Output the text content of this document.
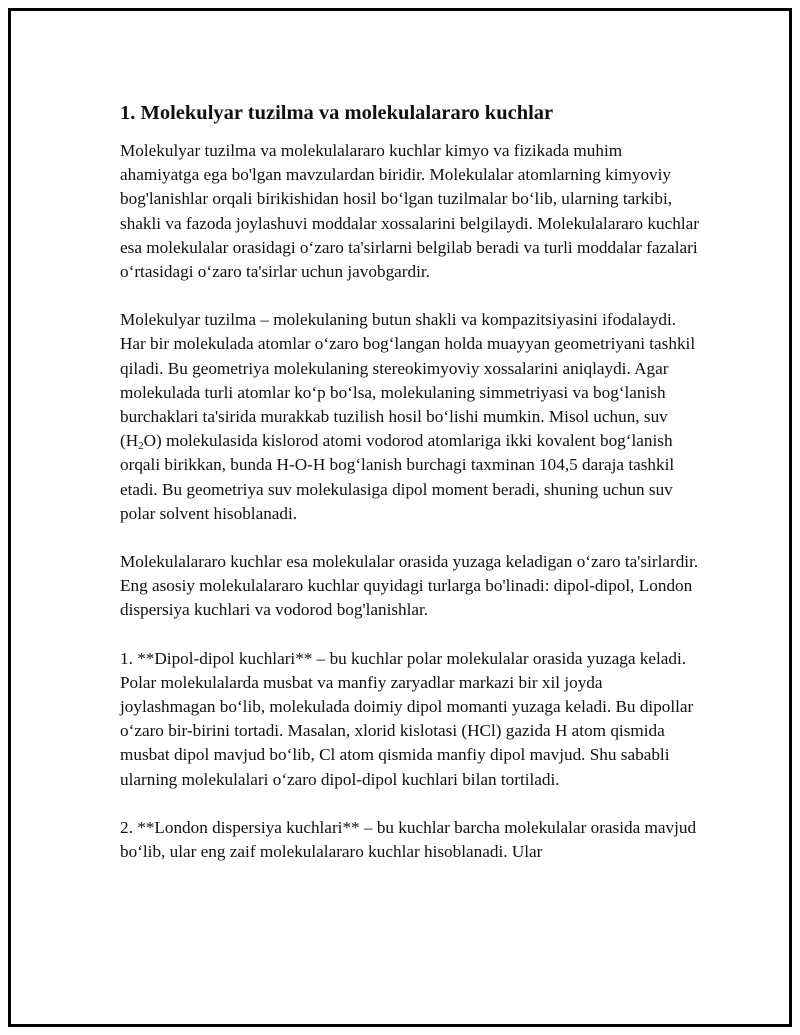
1. Molekulyar tuzilma va molekulalararo kuchlar

Molekulyar tuzilma va molekulalararo kuchlar kimyo va fizikada muhim ahamiyatga ega bo'lgan mavzulardan biridir. Molekulalar atomlarning kimyoviy bog'lanishlar orqali birikishidan hosil bo‘lgan tuzilmalar bo‘lib, ularning tarkibi, shakli va fazoda joylashuvi moddalar xossalarini belgilaydi. Molekulalararo kuchlar esa molekulalar orasidagi o‘zaro ta'sirlarni belgilab beradi va turli moddalar fazalari o‘rtasidagi o‘zaro ta'sirlar uchun javobgardir.

Molekulyar tuzilma – molekulaning butun shakli va kompazitsiyasini ifodalaydi. Har bir molekulada atomlar o‘zaro bog‘langan holda muayyan geometriyani tashkil qiladi. Bu geometriya molekulaning stereokimyoviy xossalarini aniqlaydi. Agar molekulada turli atomlar ko‘p bo‘lsa, molekulaning simmetriyasi va bog‘lanish burchaklari ta'sirida murakkab tuzilish hosil bo‘lishi mumkin. Misol uchun, suv $(H_2O)$ molekulasida kislorod atomi vodorod atomlariga ikki kovalent bog‘lanish orqali birikkan, bunda H-O-H bog‘lanish burchagi taxminan 104,5 daraja tashkil etadi. Bu geometriya suv molekulasiga dipol moment beradi, shuning uchun suv polar solvent hisoblanadi.

Molekulalararo kuchlar esa molekulalar orasida yuzaga keladigan o‘zaro ta'sirlardir. Eng asosiy molekulalararo kuchlar quyidagi turlarga bo'linadi: dipol-dipol, London dispersiya kuchlari va vodorod bog'lanishlar.

1. **Dipol-dipol kuchlari** – bu kuchlar polar molekulalar orasida yuzaga keladi. Polar molekulalarda musbat va manfiy zaryadlar markazi bir xil joyda joylashmagan bo‘lib, molekulada doimiy dipol momanti yuzaga keladi. Bu dipollar o‘zaro bir-birini tortadi. Masalan, xlorid kislotasi (HCl) gazida H atom qismida musbat dipol mavjud bo‘lib, Cl atom qismida manfiy dipol mavjud. Shu sababli ularning molekulalari o‘zaro dipol-dipol kuchlari bilan tortiladi.

2. **London dispersiya kuchlari** – bu kuchlar barcha molekulalar orasida mavjud bo‘lib, ular eng zaif molekulalararo kuchlar hisoblanadi. Ular
